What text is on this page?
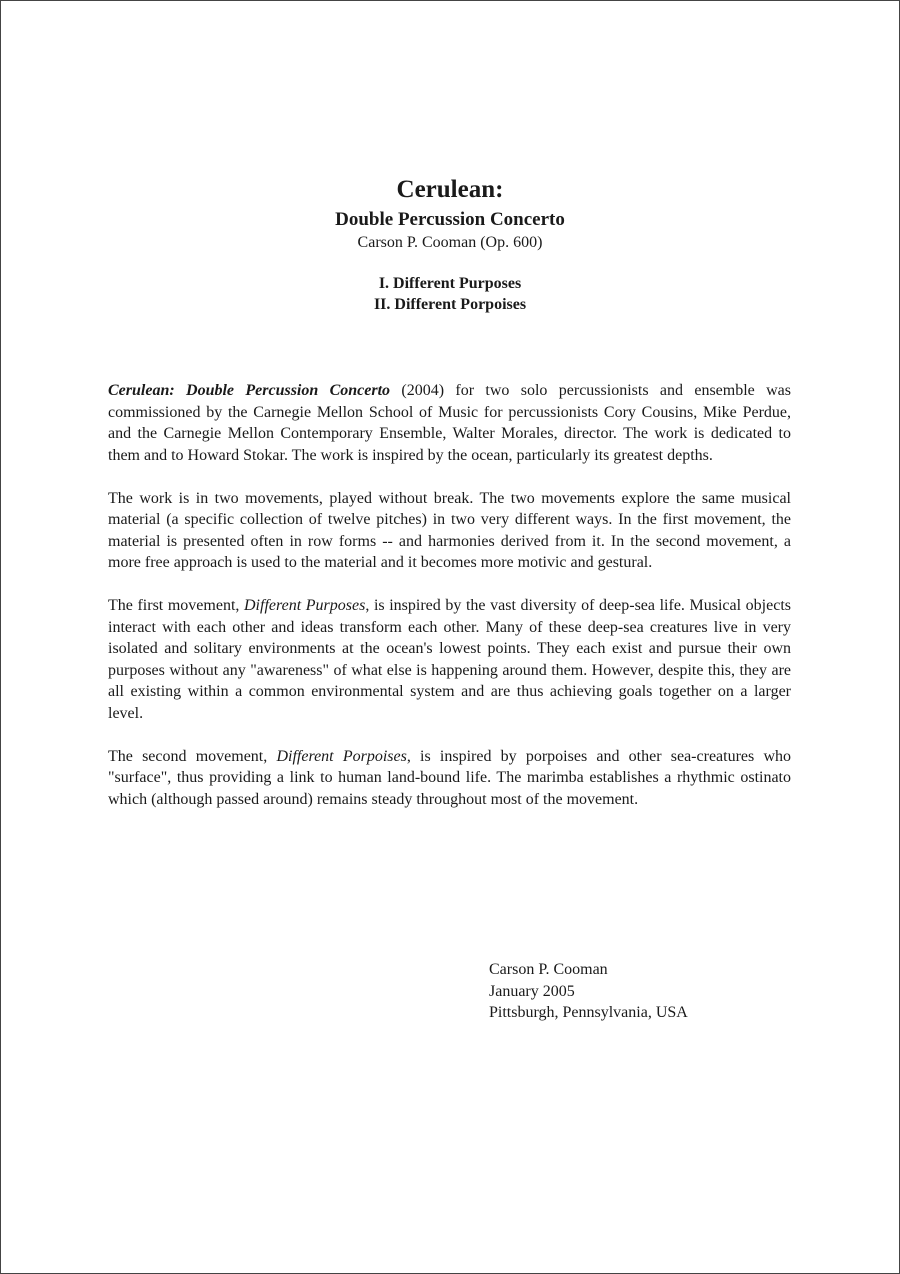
Cerulean:
Double Percussion Concerto
Carson P. Cooman (Op. 600)
I. Different Purposes
II. Different Porpoises

Cerulean: Double Percussion Concerto (2004) for two solo percussionists and ensemble was commissioned by the Carnegie Mellon School of Music for percussionists Cory Cousins, Mike Perdue, and the Carnegie Mellon Contemporary Ensemble, Walter Morales, director. The work is dedicated to them and to Howard Stokar. The work is inspired by the ocean, particularly its greatest depths.

The work is in two movements, played without break. The two movements explore the same musical material (a specific collection of twelve pitches) in two very different ways. In the first movement, the material is presented often in row forms -- and harmonies derived from it. In the second movement, a more free approach is used to the material and it becomes more motivic and gestural.

The first movement, Different Purposes, is inspired by the vast diversity of deep-sea life. Musical objects interact with each other and ideas transform each other. Many of these deep-sea creatures live in very isolated and solitary environments at the ocean's lowest points. They each exist and pursue their own purposes without any "awareness" of what else is happening around them. However, despite this, they are all existing within a common environmental system and are thus achieving goals together on a larger level.

The second movement, Different Porpoises, is inspired by porpoises and other sea-creatures who "surface", thus providing a link to human land-bound life. The marimba establishes a rhythmic ostinato which (although passed around) remains steady throughout most of the movement.

Carson P. Cooman
January 2005
Pittsburgh, Pennsylvania, USA
